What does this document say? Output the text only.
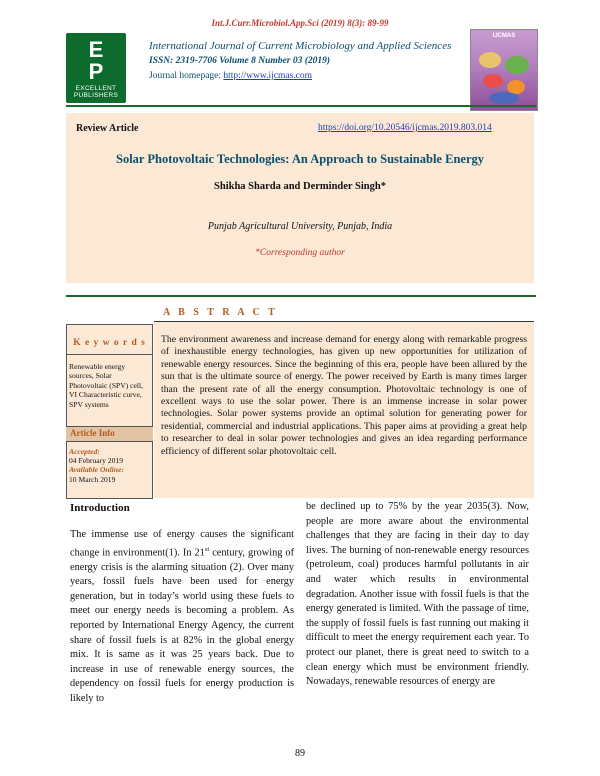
Int.J.Curr.Microbiol.App.Sci (2019) 8(3): 89-99
E
P
EXCELLENT
PUBLISHERS
International Journal of Current Microbiology and Applied Sciences
ISSN: 2319-7706 Volume 8 Number 03 (2019)
Journal homepage: http://www.ijcmas.com
IJCMAS
Review Article	https://doi.org/10.20546/ijcmas.2019.803.014
Solar Photovoltaic Technologies: An Approach to Sustainable Energy
Shikha Sharda and Derminder Singh*
Punjab Agricultural University, Punjab, India
*Corresponding author
A B S T R A C T
The environment awareness and increase demand for energy along with remarkable progress of inexhaustible energy technologies, has given up new opportunities for utilization of renewable energy resources. Since the beginning of this era, people have been allured by the sun that is the ultimate source of energy. The power received by Earth is many times larger than the present rate of all the energy consumption. Photovoltaic technology is one of excellent ways to use the solar power. There is an immense increase in solar power technologies. Solar power systems provide an optimal solution for generating power for residential, commercial and industrial applications. This paper aims at providing a great help to researcher to deal in solar power technologies and gives an idea regarding performance efficiency of different solar photovoltaic cell.
K e y w o r d s
Renewable energy sources, Solar Photovoltaic (SPV) cell, VI Characteristic curve, SPV systems
Article Info
Accepted:
04 February 2019
Available Online:
10 March 2019
Introduction
The immense use of energy causes the significant change in environment(1). In 21st century, growing of energy crisis is the alarming situation (2). Over many years, fossil fuels have been used for energy generation, but in today’s world using these fuels to meet our energy needs is becoming a problem. As reported by International Energy Agency, the current share of fossil fuels is at 82% in the global energy mix. It is same as it was 25 years back. Due to increase in use of renewable energy sources, the dependency on fossil fuels for energy production is likely to
be declined up to 75% by the year 2035(3). Now, people are more aware about the environmental challenges that they are facing in their day to day lives. The burning of non-renewable energy resources (petroleum, coal) produces harmful pollutants in air and water which results in environmental degradation. Another issue with fossil fuels is that the energy generated is limited. With the passage of time, the supply of fossil fuels is fast running out making it difficult to meet the energy requirement each year. To protect our planet, there is great need to switch to a clean energy which must be environment friendly. Nowadays, renewable resources of energy are
89
